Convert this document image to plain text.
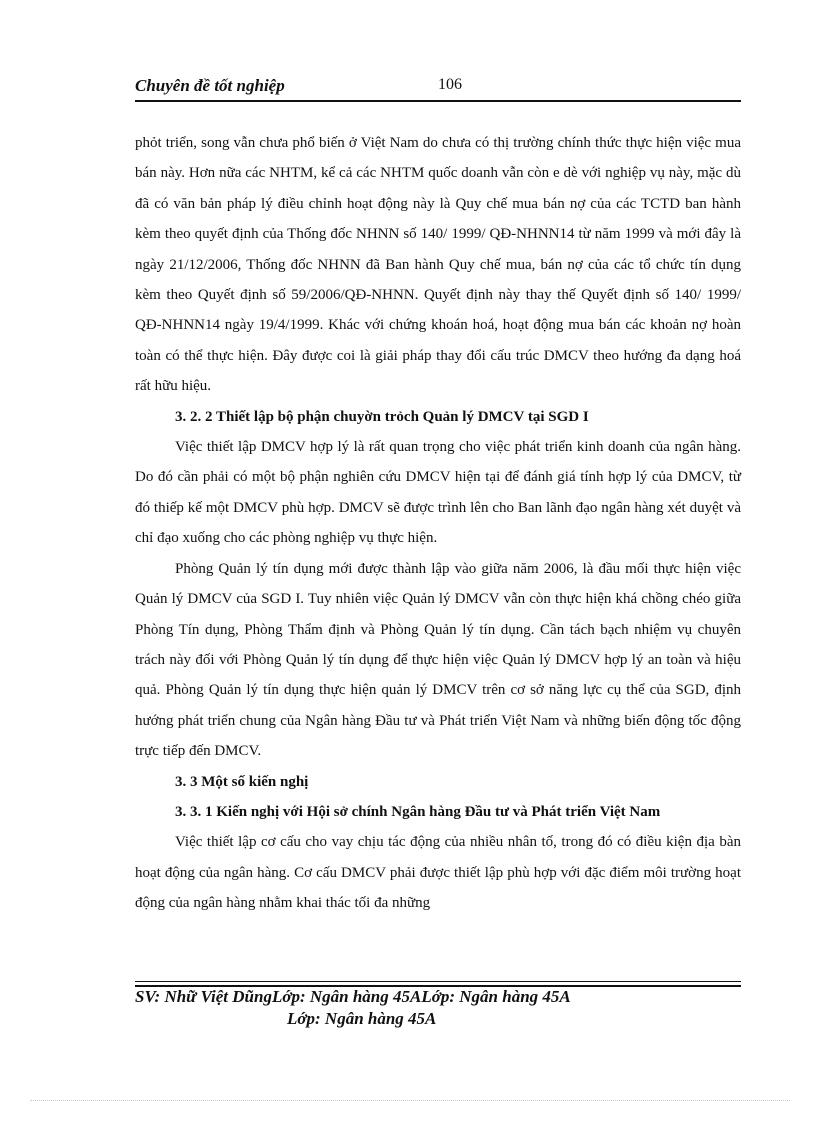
Chuyên đề tốt nghiệp	106

phỏt triển, song vẫn chưa phổ biến ở Việt Nam do chưa có thị trường chính thức thực hiện việc mua bán này. Hơn nữa các NHTM, kể cả các NHTM quốc doanh vẫn còn e dè với nghiệp vụ này, mặc dù đã có văn bản pháp lý điều chỉnh hoạt động này là Quy chế mua bán nợ của các TCTD ban hành kèm theo quyết định của Thống đốc NHNN số 140/ 1999/ QĐ-NHNN14 từ năm 1999 và mới đây là ngày 21/12/2006, Thống đốc NHNN đã Ban hành Quy chế mua, bán nợ của các tổ chức tín dụng kèm theo Quyết định số 59/2006/QĐ-NHNN. Quyết định này thay thế Quyết định số 140/ 1999/ QĐ-NHNN14 ngày 19/4/1999. Khác với chứng khoán hoá, hoạt động mua bán các khoản nợ hoàn toàn có thể thực hiện. Đây được coi là giải pháp thay đổi cấu trúc DMCV theo hướng đa dạng hoá rất hữu hiệu.

3. 2. 2 Thiết lập bộ phận chuyờn trỏch Quản lý DMCV tại SGD I

Việc thiết lập DMCV hợp lý là rất quan trọng cho việc phát triển kinh doanh của ngân hàng. Do đó cần phải có một bộ phận nghiên cứu DMCV hiện tại để đánh giá tính hợp lý của DMCV, từ đó thiếp kế một DMCV phù hợp. DMCV sẽ được trình lên cho Ban lãnh đạo ngân hàng xét duyệt và chỉ đạo xuống cho các phòng nghiệp vụ thực hiện.

Phòng Quản lý tín dụng mới được thành lập vào giữa năm 2006, là đầu mối thực hiện việc Quản lý DMCV của SGD I. Tuy nhiên việc Quản lý DMCV vẫn còn thực hiện khá chồng chéo giữa Phòng Tín dụng, Phòng Thẩm định và Phòng Quản lý tín dụng. Cần tách bạch nhiệm vụ chuyên trách này đối với Phòng Quản lý tín dụng để thực hiện việc Quản lý DMCV hợp lý an toàn và hiệu quả. Phòng Quản lý tín dụng thực hiện quản lý DMCV trên cơ sở năng lực cụ thể của SGD, định hướng phát triển chung của Ngân hàng Đầu tư và Phát triển Việt Nam và những biến động tốc động trực tiếp đến DMCV.

3. 3 Một số kiến nghị
3. 3. 1 Kiến nghị với Hội sở chính Ngân hàng Đầu tư và Phát triển Việt Nam

Việc thiết lập cơ cấu cho vay chịu tác động của nhiều nhân tố, trong đó có điều kiện địa bàn hoạt động của ngân hàng. Cơ cấu DMCV phải được thiết lập phù hợp với đặc điểm môi trường hoạt động của ngân hàng nhằm khai thác tối đa những

SV: Nhữ Việt DũngLớp: Ngân hàng 45ALớp: Ngân hàng 45A
Lớp: Ngân hàng 45A
